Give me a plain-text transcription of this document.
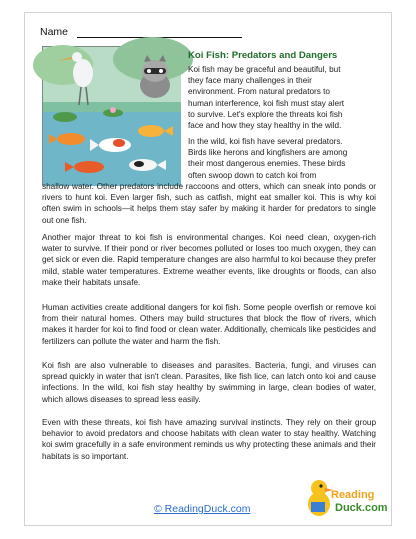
Name
Koi Fish: Predators and Dangers
Koi fish may be graceful and beautiful, but
they face many challenges in their
environment. From natural predators to
human interference, koi fish must stay alert
to survive. Let's explore the threats koi fish
face and how they stay healthy in the wild.
In the wild, koi fish have several predators.
Birds like herons and kingfishers are among
their most dangerous enemies. These birds
often swoop down to catch koi from

shallow water. Other predators include raccoons and otters, which can sneak into ponds or rivers to hunt koi. Even larger fish, such as catfish, might eat smaller koi. This is why koi often swim in schools—it helps them stay safer by making it harder for predators to single out one fish.

Another major threat to koi fish is environmental changes. Koi need clean, oxygen-rich water to survive. If their pond or river becomes polluted or loses too much oxygen, they can get sick or even die. Rapid temperature changes are also harmful to koi because they prefer mild, stable water temperatures. Extreme weather events, like droughts or floods, can also make their habitats unsafe.

Human activities create additional dangers for koi fish. Some people overfish or remove koi from their natural homes. Others may build structures that block the flow of rivers, which makes it harder for koi to find food or clean water. Additionally, chemicals like pesticides and fertilizers can pollute the water and harm the fish.

Koi fish are also vulnerable to diseases and parasites. Bacteria, fungi, and viruses can spread quickly in water that isn't clean. Parasites, like fish lice, can latch onto koi and cause infections. In the wild, koi fish stay healthy by swimming in large, clean bodies of water, which allows diseases to spread less easily.

Even with these threats, koi fish have amazing survival instincts. They rely on their group behavior to avoid predators and choose habitats with clean water to stay healthy. Watching koi swim gracefully in a safe environment reminds us why protecting these animals and their habitats is so important.

© ReadingDuck.com
Reading
Duck.com
